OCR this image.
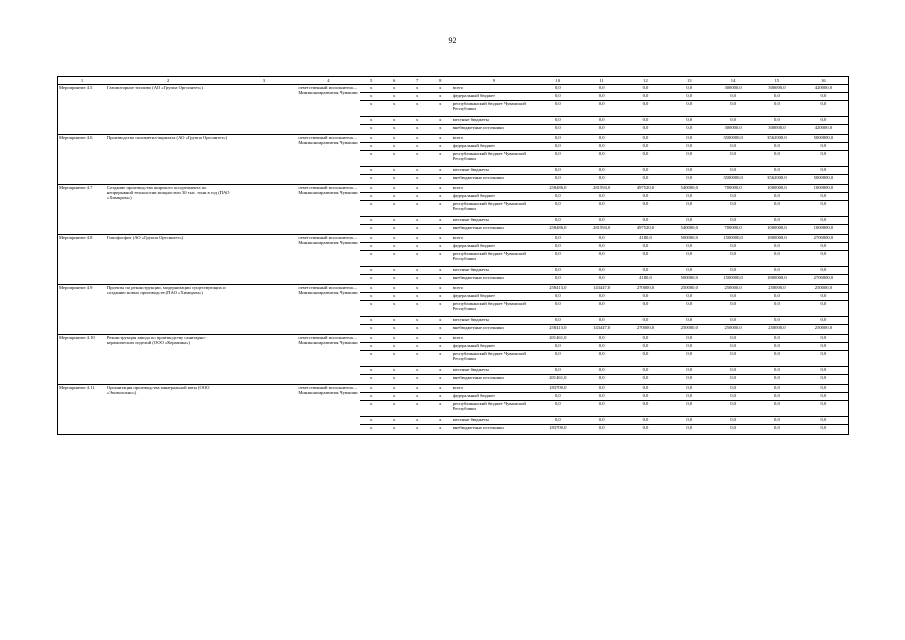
92
1	2	3	4	5	6	7	8	9	10	11	12	13	14	15	16
Мероприятие 4.5	Газомоторное топливо (АО «Группа Оргсинтез»)		ответственный исполнитель – Минэкономразвития Чувашии	х	х	х	х	всего	0,0	0,0	0,0	0,0	300000,0	300000,0	420000,0
				х	х	х	х	федеральный бюджет	0,0	0,0	0,0	0,0	0,0	0,0	0,0
				х	х	х	х	республиканский бюджет Чувашской Республики	0,0	0,0	0,0	0,0	0,0	0,0	0,0
				х	х	х	х	местные бюджеты	0,0	0,0	0,0	0,0	0,0	0,0	0,0
				х	х	х	х	внебюджетные источники	0,0	0,0	0,0	0,0	300000,0	300000,0	420000,0
Мероприятие 4.6	Производство полиметил-акрилата (АО «Группа Оргсинтез»)		ответственный исполнитель – Минэкономразвития Чувашии	х	х	х	х	всего	0,0	0,0	0,0	0,0	3500000,0	3562000,0	5000000,0
				х	х	х	х	федеральный бюджет	0,0	0,0	0,0	0,0	0,0	0,0	0,0
				х	х	х	х	республиканский бюджет Чувашской Республики	0,0	0,0	0,0	0,0	0,0	0,0	0,0
				х	х	х	х	местные бюджеты	0,0	0,0	0,0	0,0	0,0	0,0	0,0
				х	х	х	х	внебюджетные источники	0,0	0,0	0,0	0,0	3500000,0	3562000,0	5000000,0
Мероприятие 4.7	Создание производства широкого ассортимента по непрерывной технологии мощностью 30 тыс. тонн в год (ПАО «Химпром»)		ответственный исполнитель – Минэкономразвития Чувашии	х	х	х	х	всего	258486,0	281594,0	497520,0	540000,0	700000,0	1000000,0	1000000,0
				х	х	х	х	федеральный бюджет	0,0	0,0	0,0	0,0	0,0	0,0	0,0
				х	х	х	х	республиканский бюджет Чувашской Республики	0,0	0,0	0,0	0,0	0,0	0,0	0,0
				х	х	х	х	местные бюджеты	0,0	0,0	0,0	0,0	0,0	0,0	0,0
				х	х	х	х	внебюджетные источники	258486,0	281594,0	497520,0	540000,0	700000,0	1000000,0	1000000,0
Мероприятие 4.8	Гипофосфит (АО «Группа Оргсинтез»)		ответственный исполнитель – Минэкономразвития Чувашии	х	х	х	х	всего	0,0	0,0	4180,0	500000,0	1500000,0	1800000,0	2700000,0
				х	х	х	х	федеральный бюджет	0,0	0,0	0,0	0,0	0,0	0,0	0,0
				х	х	х	х	республиканский бюджет Чувашской Республики	0,0	0,0	0,0	0,0	0,0	0,0	0,0
				х	х	х	х	местные бюджеты	0,0	0,0	0,0	0,0	0,0	0,0	0,0
				х	х	х	х	внебюджетные источники	0,0	0,0	4180,0	500000,0	1500000,0	1800000,0	2700000,0
Мероприятие 4.9	Проекты по реконструкции, модернизации существующих и созданию новых производств (ПАО «Химпром»)		ответственный исполнитель – Минэкономразвития Чувашии	х	х	х	х	всего	258413,0	143447,0	270000,0	250000,0	250000,0	250000,0	250000,0
				х	х	х	х	федеральный бюджет	0,0	0,0	0,0	0,0	0,0	0,0	0,0
				х	х	х	х	республиканский бюджет Чувашской Республики	0,0	0,0	0,0	0,0	0,0	0,0	0,0
				х	х	х	х	местные бюджеты	0,0	0,0	0,0	0,0	0,0	0,0	0,0
				х	х	х	х	внебюджетные источники	258413,0	143447,0	270000,0	250000,0	250000,0	250000,0	250000,0
Мероприятие 4.10	Реконструкция завода по производству санитарно-керамических изделий (ООО «Керамика»)		ответственный исполнитель – Минэкономразвития Чувашии	х	х	х	х	всего	201461,0	0,0	0,0	0,0	0,0	0,0	0,0
				х	х	х	х	федеральный бюджет	0,0	0,0	0,0	0,0	0,0	0,0	0,0
				х	х	х	х	республиканский бюджет Чувашской Республики	0,0	0,0	0,0	0,0	0,0	0,0	0,0
				х	х	х	х	местные бюджеты	0,0	0,0	0,0	0,0	0,0	0,0	0,0
				х	х	х	х	внебюджетные источники	201461,0	0,0	0,0	0,0	0,0	0,0	0,0
Мероприятие 4.11	Организация производства минеральной ваты (ООО «Эковолокно»)		ответственный исполнитель – Минэкономразвития Чувашии	х	х	х	х	всего	183700,0	0,0	0,0	0,0	0,0	0,0	0,0
				х	х	х	х	федеральный бюджет	0,0	0,0	0,0	0,0	0,0	0,0	0,0
				х	х	х	х	республиканский бюджет Чувашской Республики	0,0	0,0	0,0	0,0	0,0	0,0	0,0
				х	х	х	х	местные бюджеты	0,0	0,0	0,0	0,0	0,0	0,0	0,0
				х	х	х	х	внебюджетные источники	183700,0	0,0	0,0	0,0	0,0	0,0	0,0
